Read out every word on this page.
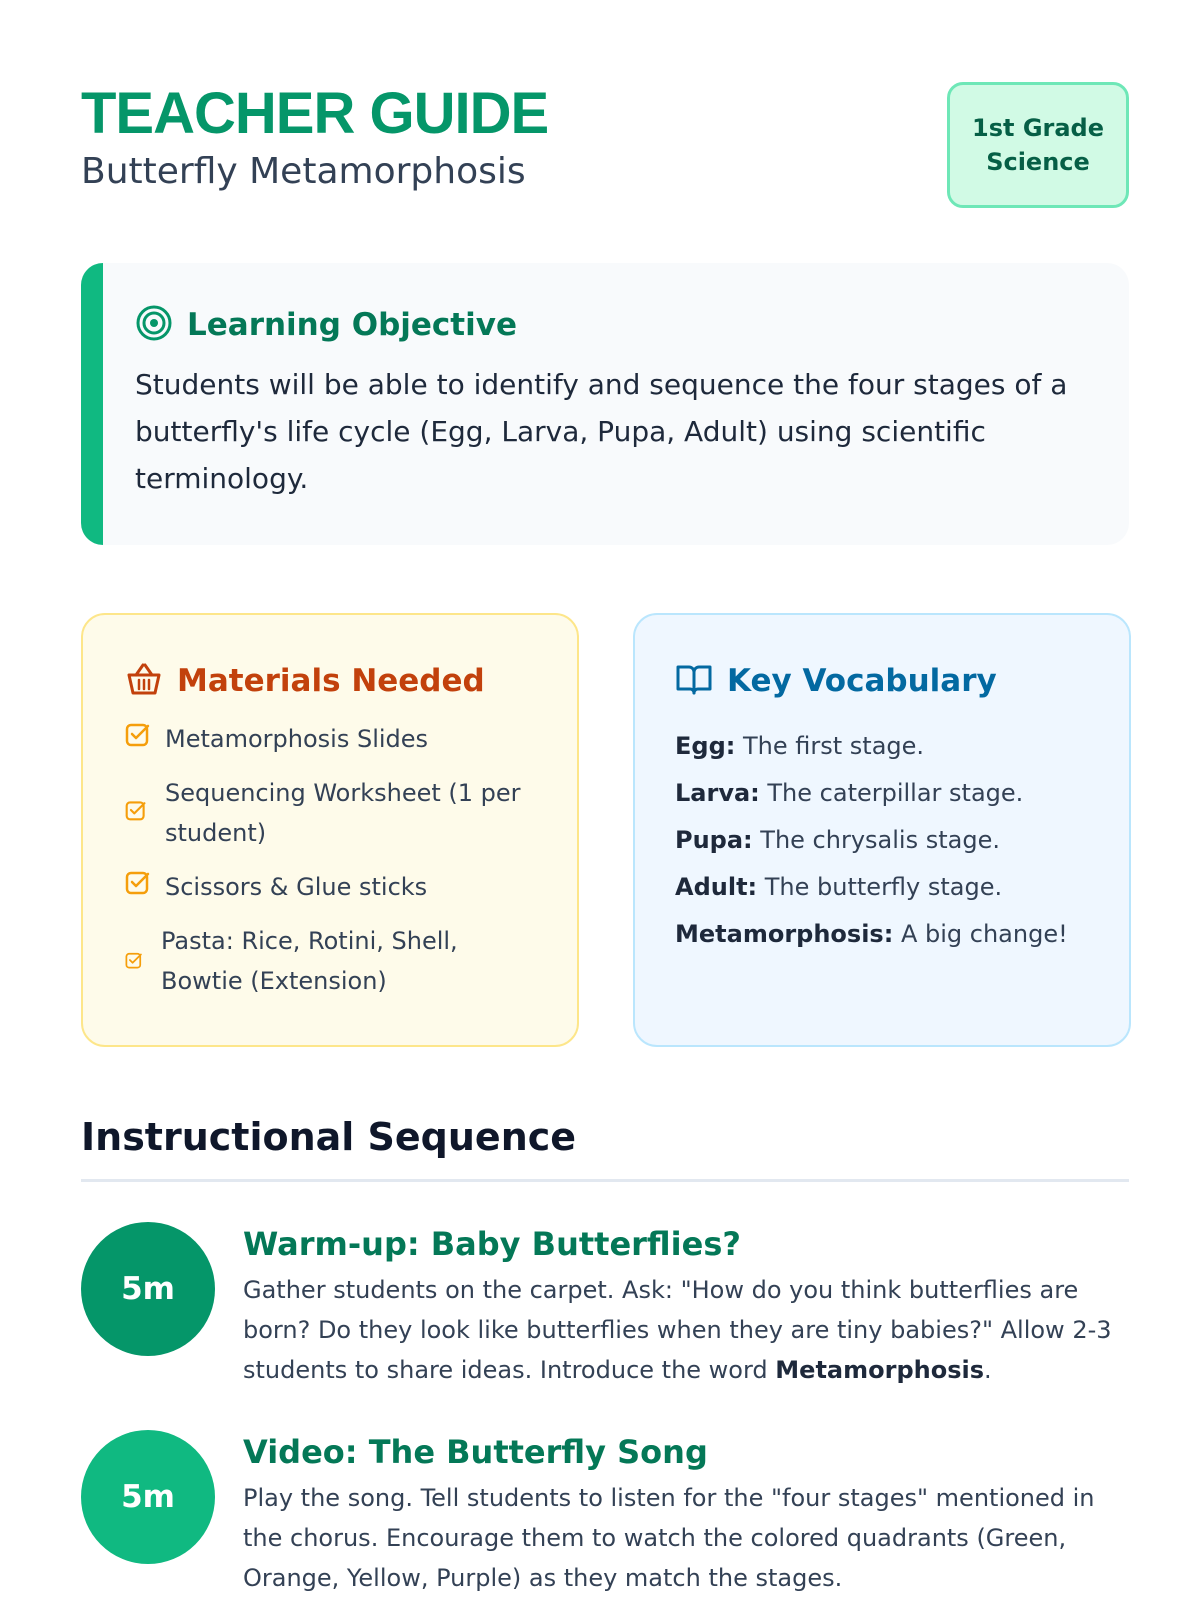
TEACHER GUIDE
Butterfly Metamorphosis
1st Grade
Science
Learning Objective

Students will be able to identify and sequence the four stages of a butterfly's life cycle (Egg, Larva, Pupa, Adult) using scientific terminology.

Materials Needed
Metamorphosis Slides
Sequencing Worksheet (1 per student)
Scissors & Glue sticks
Pasta: Rice, Rotini, Shell, Bowtie (Extension)
Key Vocabulary
Egg: The first stage.
Larva: The caterpillar stage.
Pupa: The chrysalis stage.
Adult: The butterfly stage.
Metamorphosis: A big change!
Instructional Sequence
5m
Warm-up: Baby Butterflies?

Gather students on the carpet. Ask: "How do you think butterflies are born? Do they look like butterflies when they are tiny babies?" Allow 2-3 students to share ideas. Introduce the word Metamorphosis.

5m
Video: The Butterfly Song

Play the song. Tell students to listen for the "four stages" mentioned in the chorus. Encourage them to watch the colored quadrants (Green, Orange, Yellow, Purple) as they match the stages.
